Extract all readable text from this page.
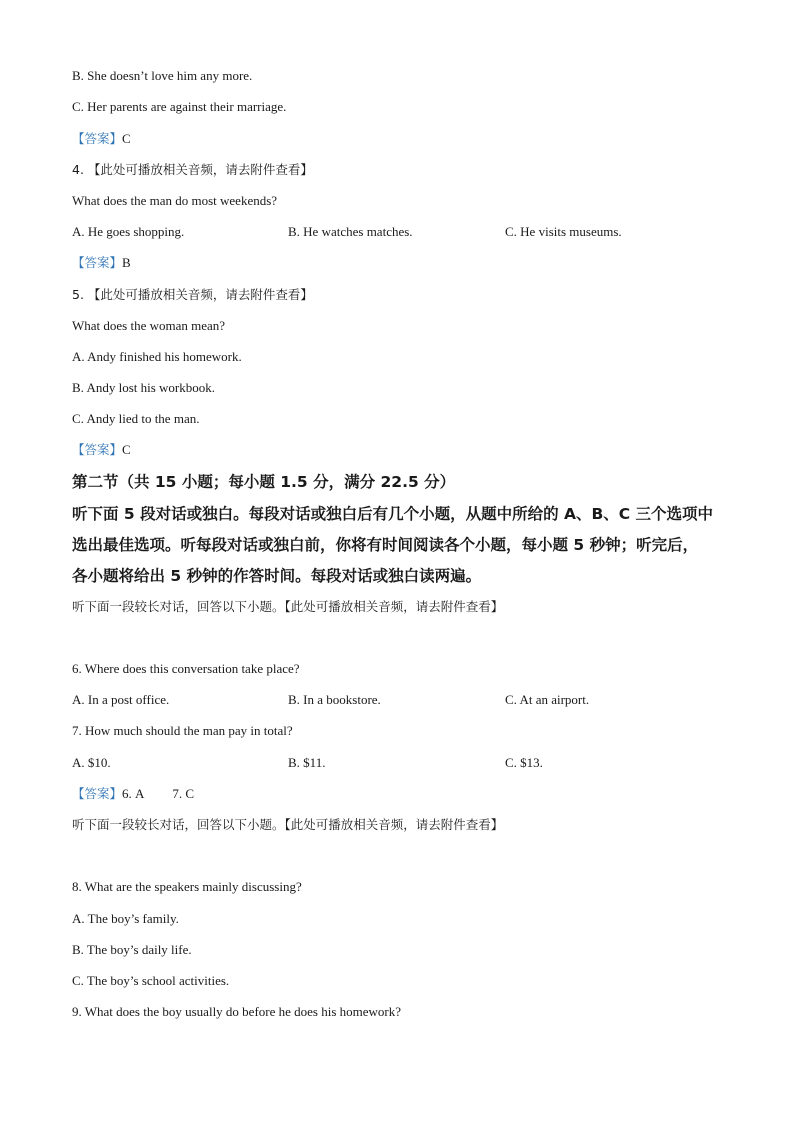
B. She doesn’t love him any more.
C. Her parents are against their marriage.
【答案】C
4. 【此处可播放相关音频，请去附件查看】
What does the man do most weekends?
A. He goes shopping.	B. He watches matches.	C. He visits museums.
【答案】B
5. 【此处可播放相关音频，请去附件查看】
What does the woman mean?
A. Andy finished his homework.
B. Andy lost his workbook.
C. Andy lied to the man.
【答案】C
第二节（共 15 小题；每小题 1.5 分，满分 22.5 分）
听下面 5 段对话或独白。每段对话或独白后有几个小题，从题中所给的 A、B、C 三个选项中
选出最佳选项。听每段对话或独白前，你将有时间阅读各个小题，每小题 5 秒钟；听完后，
各小题将给出 5 秒钟的作答时间。每段对话或独白读两遍。
听下面一段较长对话，回答以下小题。【此处可播放相关音频，请去附件查看】
6. Where does this conversation take place?
A. In a post office.	B. In a bookstore.	C. At an airport.
7. How much should the man pay in total?
A. $10.	B. $11.	C. $13.
【答案】6. A 7. C
听下面一段较长对话，回答以下小题。【此处可播放相关音频，请去附件查看】
8. What are the speakers mainly discussing?
A. The boy’s family.
B. The boy’s daily life.
C. The boy’s school activities.
9. What does the boy usually do before he does his homework?
